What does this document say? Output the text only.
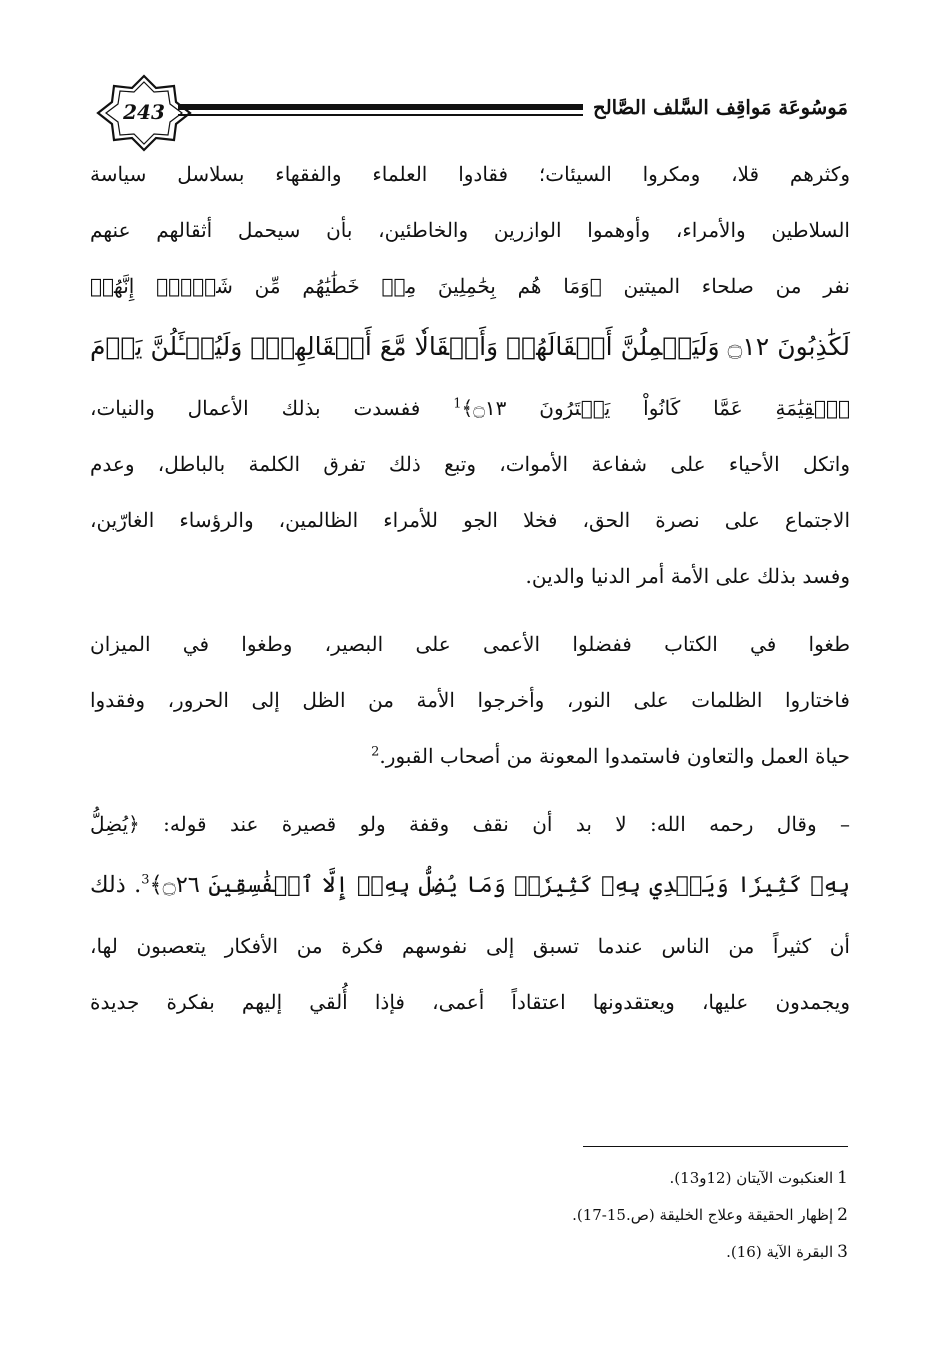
243	مَوسُوعَة مَواقِف السَّلف الصَّالح
وكثرهم قلا، ومكروا السيئات؛ فقادوا العلماء والفقهاء بسلاسل سياسة
السلاطين والأمراء، وأوهموا الوازرين والخاطئين، بأن سيحمل أثقالهم عنهم
نفر من صلحاء الميتين ﴿وَمَا هُم بِحَٰمِلِينَ مِنۡ خَطَٰيَٰهُم مِّن شَيۡءٍۖ إِنَّهُمۡ
لَكَٰذِبُونَ ۝١٢ وَلَيَحۡمِلُنَّ أَثۡقَالَهُمۡ وَأَثۡقَالٗا مَّعَ أَثۡقَالِهِمۡۖ وَلَيُسۡـَٔلُنَّ يَوۡمَ
ٱلۡقِيَٰمَةِ عَمَّا كَانُواْ يَفۡتَرُونَ ۝١٣﴾$^1$ ففسدت بذلك الأعمال والنيات،
واتكل الأحياء على شفاعة الأموات، وتبع ذلك تفرق الكلمة بالباطل، وعدم
الاجتماع على نصرة الحق، فخلا الجو للأمراء الظالمين، والرؤساء الغارّين،
وفسد بذلك على الأمة أمر الدنيا والدين.
طغوا في الكتاب ففضلوا الأعمى على البصير، وطغوا في الميزان
فاختاروا الظلمات على النور، وأخرجوا الأمة من الظل إلى الحرور، وفقدوا
حياة العمل والتعاون فاستمدوا المعونة من أصحاب القبور.$^2$
– وقال رحمه الله: لا بد أن نقف وقفة ولو قصيرة عند قوله: ﴿يُضِلُّ
بِهِۦ كَثِيرٗا وَيَهۡدِي بِهِۦ كَثِيرٗاۚ وَمَا يُضِلُّ بِهِۦٓ إِلَّا ٱلۡفَٰسِقِينَ ۝٢٦﴾$^3$. ذلك
أن كثيراً من الناس عندما تسبق إلى نفوسهم فكرة من الأفكار يتعصبون لها،
ويجمدون عليها، ويعتقدونها اعتقاداً أعمى، فإذا أُلقي إليهم بفكرة جديدة
1العنكبوت الآيتان (12و13).
2إظهار الحقيقة وعلاج الخليقة (ص.15-17).
3البقرة الآية (16).
